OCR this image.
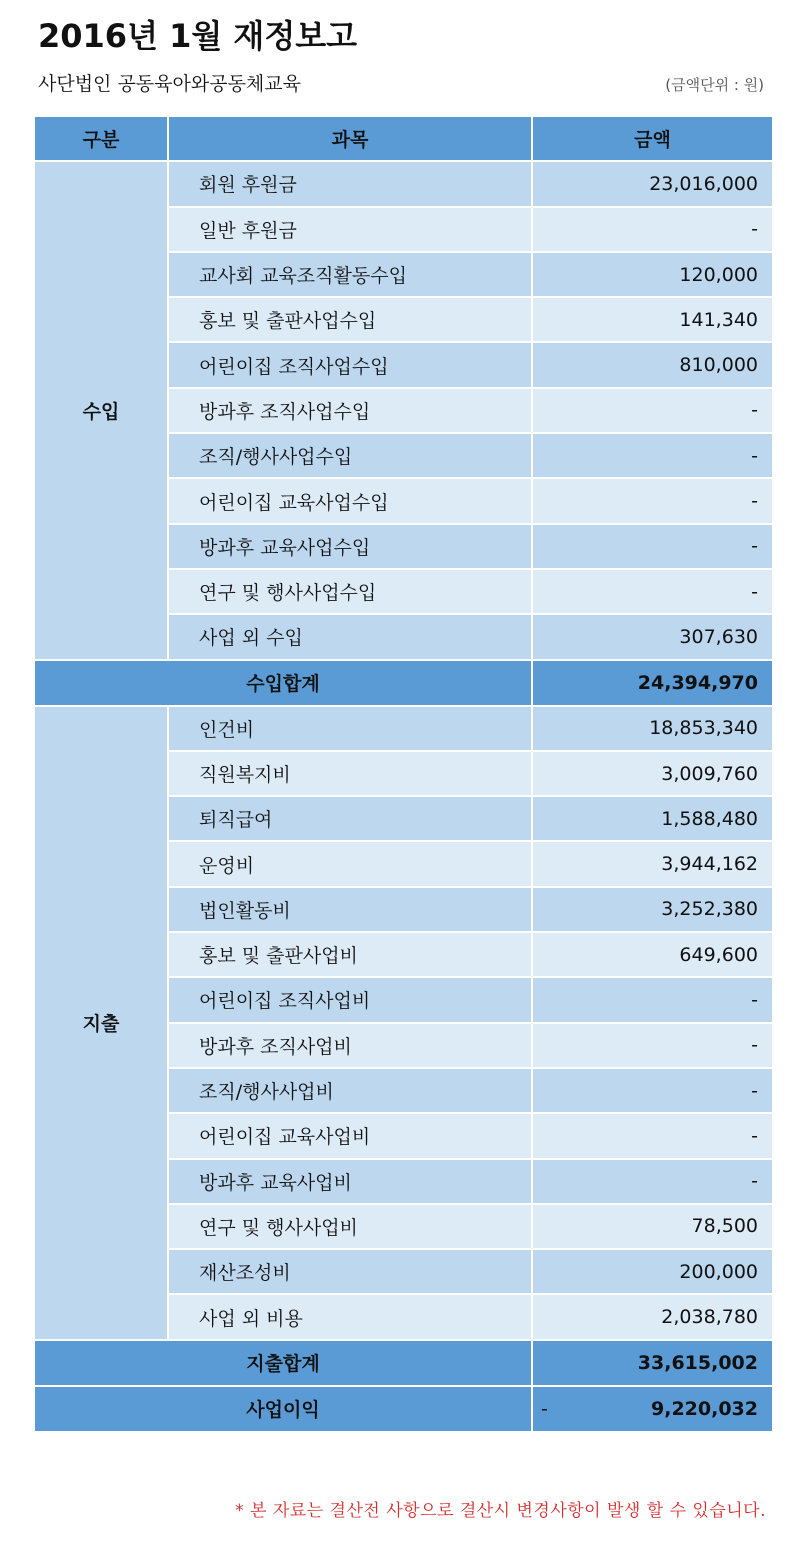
2016년 1월 재정보고
사단법인 공동육아와공동체교육	(금액단위 : 원)
구분	과목	금액
수입	회원 후원금	23,016,000
	일반 후원금	-
	교사회 교육조직활동수입	120,000
	홍보 및 출판사업수입	141,340
	어린이집 조직사업수입	810,000
	방과후 조직사업수입	-
	조직/행사사업수입	-
	어린이집 교육사업수입	-
	방과후 교육사업수입	-
	연구 및 행사사업수입	-
	사업 외 수입	307,630
수입합계		24,394,970
지출	인건비	18,853,340
	직원복지비	3,009,760
	퇴직급여	1,588,480
	운영비	3,944,162
	법인활동비	3,252,380
	홍보 및 출판사업비	649,600
	어린이집 조직사업비	-
	방과후 조직사업비	-
	조직/행사사업비	-
	어린이집 교육사업비	-
	방과후 교육사업비	-
	연구 및 행사사업비	78,500
	재산조성비	200,000
	사업 외 비용	2,038,780
지출합계		33,615,002
사업이익		- 9,220,032
* 본 자료는 결산전 사항으로 결산시 변경사항이 발생 할 수 있습니다.
